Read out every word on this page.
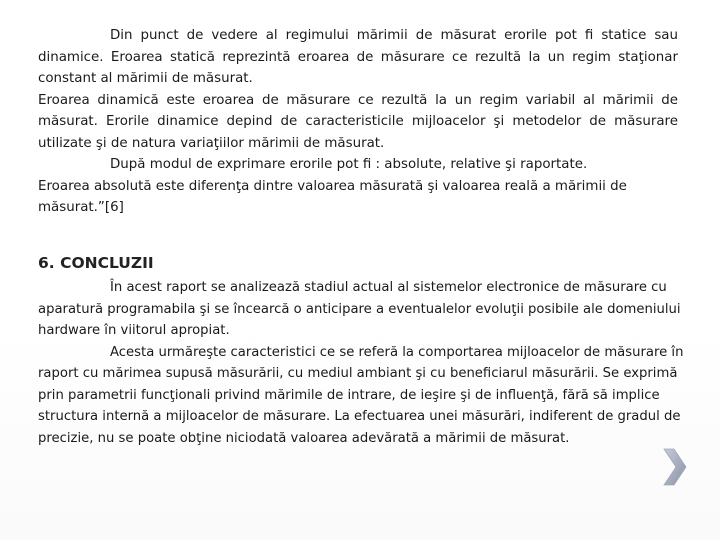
Din punct de vedere al regimului mărimii de măsurat erorile pot fi statice sau dinamice. Eroarea statică reprezintă eroarea de măsurare ce rezultă la un regim staţionar constant al mărimii de măsurat.

Eroarea dinamică este eroarea de măsurare ce rezultă la un regim variabil al mărimii de măsurat. Erorile dinamice depind de caracteristicile mijloacelor şi metodelor de măsurare utilizate şi de natura variaţiilor mărimii de măsurat.

După modul de exprimare erorile pot fi : absolute, relative şi raportate.

Eroarea absolută este diferenţa dintre valoarea măsurată şi valoarea reală a mărimii de măsurat.”[6]

6. CONCLUZII

În acest raport se analizează stadiul actual al sistemelor electronice de măsurare cu aparatură programabila şi se încearcă o anticipare a eventualelor evoluţii posibile ale domeniului hardware în viitorul apropiat.

Acesta urmăreşte caracteristici ce se referă la comportarea mijloacelor de măsurare în raport cu mărimea supusă măsurării, cu mediul ambiant şi cu beneficiarul măsurării. Se exprimă prin parametrii funcţionali privind mărimile de intrare, de ieşire şi de influenţă, fără să implice structura internă a mijloacelor de măsurare. La efectuarea unei măsurări, indiferent de gradul de precizie, nu se poate obţine niciodată valoarea adevărată a mărimii de măsurat.
